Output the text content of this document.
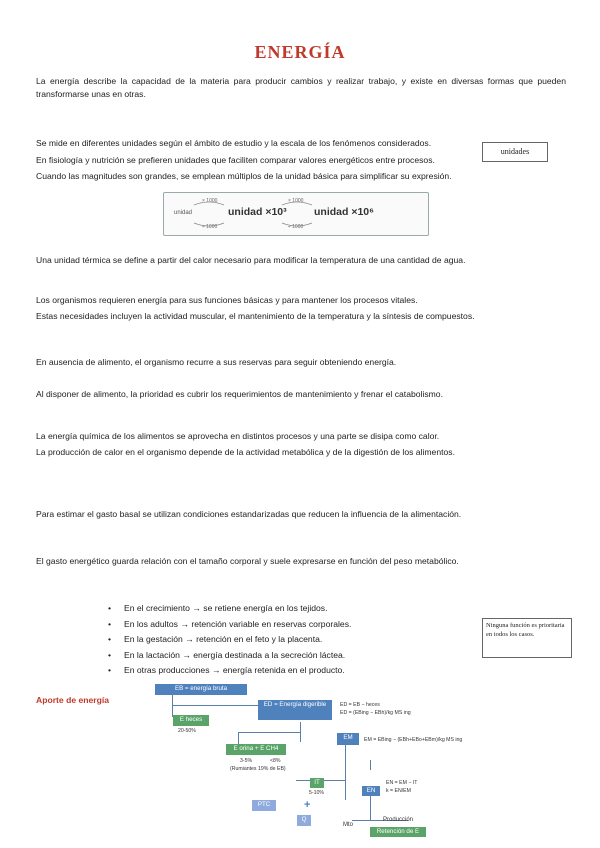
ENERGÍA
La energía describe la capacidad de la materia para producir cambios y realizar trabajo, y existe en diversas formas que pueden transformarse unas en otras.
Se mide en diferentes unidades según el ámbito de estudio y la escala de los fenómenos considerados.
En fisiología y nutrición se prefieren unidades que faciliten comparar valores energéticos entre procesos.
Cuando las magnitudes son grandes, se emplean múltiplos de la unidad básica para simplificar su expresión.
unidades
unidad	unidad ×10³	unidad ×10⁶
× 1000
÷ 1000
× 1000
÷ 1000
Una unidad térmica se define a partir del calor necesario para modificar la temperatura de una cantidad de agua.
Los organismos requieren energía para sus funciones básicas y para mantener los procesos vitales.
Estas necesidades incluyen la actividad muscular, el mantenimiento de la temperatura y la síntesis de compuestos.
En ausencia de alimento, el organismo recurre a sus reservas para seguir obteniendo energía.
Al disponer de alimento, la prioridad es cubrir los requerimientos de mantenimiento y frenar el catabolismo.
La energía química de los alimentos se aprovecha en distintos procesos y una parte se disipa como calor.
La producción de calor en el organismo depende de la actividad metabólica y de la digestión de los alimentos.
Para estimar el gasto basal se utilizan condiciones estandarizadas que reducen la influencia de la alimentación.
El gasto energético guarda relación con el tamaño corporal y suele expresarse en función del peso metabólico.
• En el crecimiento → se retiene energía en los tejidos.
• En los adultos → retención variable en reservas corporales.
• En la gestación → retención en el feto y la placenta.
• En la lactación → energía destinada a la secreción láctea.
• En otras producciones → energía retenida en el producto.
Ninguna función es prioritaria en todos los casos.
Aporte de energía
EB = energía bruta
E heces
20-50%
ED = Energía digerible	ED = EB − heces
ED = (EBing − EBh)/kg MS ing
E orina + E CH4
3-5%	<8%
(Rumiantes 19% de EB)
EM	EM = EBing − (EBh+EBo+EBm)/kg MS ing
IT
5-10%	EN
EN = EM − IT
k = EN/EM
PTC	+
Q
Mto
Producción
Retención de E
